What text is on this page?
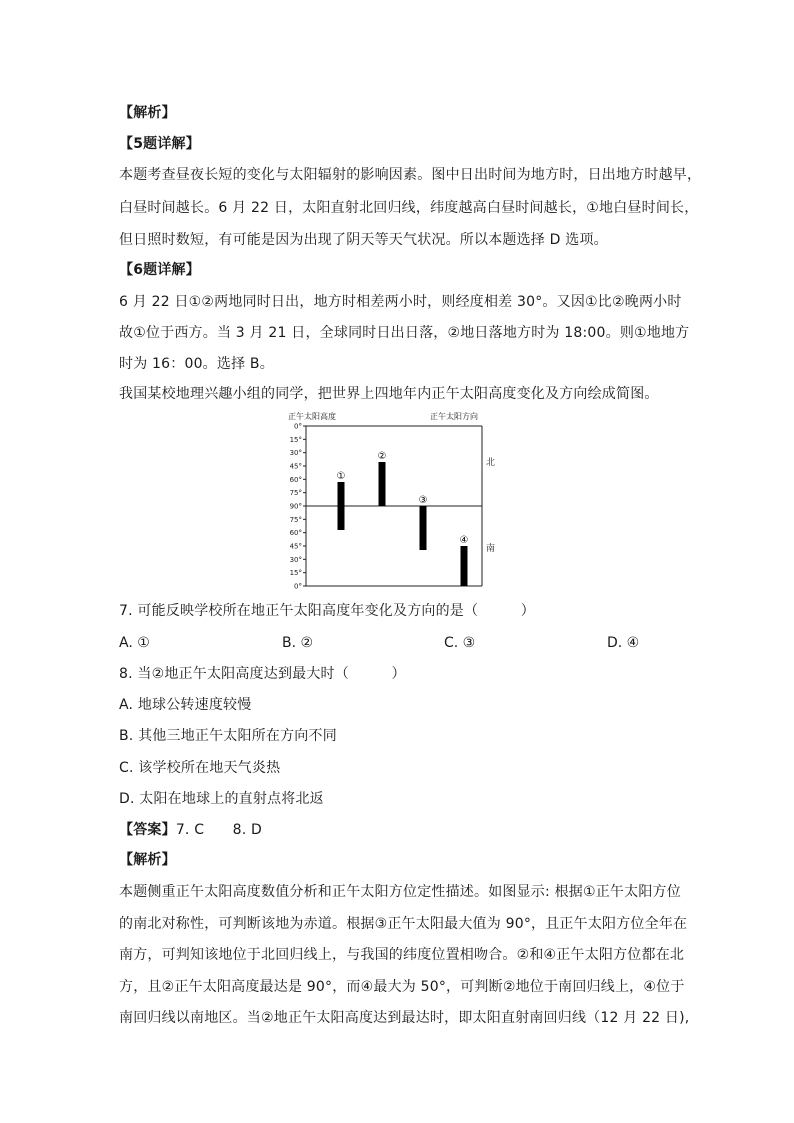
【解析】
【5题详解】
本题考查昼夜长短的变化与太阳辐射的影响因素。图中日出时间为地方时，日出地方时越早，
白昼时间越长。6 月 22 日，太阳直射北回归线，纬度越高白昼时间越长，①地白昼时间长，
但日照时数短，有可能是因为出现了阴天等天气状况。所以本题选择 D 选项。
【6题详解】
6 月 22 日①②两地同时日出，地方时相差两小时，则经度相差 30°。又因①比②晚两小时
故①位于西方。当 3 月 21 日，全球同时日出日落，②地日落地方时为 18:00。则①地地方
时为 16：00。选择 B。
我国某校地理兴趣小组的同学，把世界上四地年内正午太阳高度变化及方向绘成简图。
正午太阳高度	正午太阳方向
0°
15°
30°
45°
60°
75°
90°
75°
60°
45°
30°
15°
0°
①
②
③
④
北
南
7. 可能反映学校所在地正午太阳高度年变化及方向的是（　　　）
A. ①	B. ②	C. ③	D. ④
8. 当②地正午太阳高度达到最大时（　　　）
A. 地球公转速度较慢
B. 其他三地正午太阳所在方向不同
C. 该学校所在地天气炎热
D. 太阳在地球上的直射点将北返
【答案】7. C　　8. D
【解析】
本题侧重正午太阳高度数值分析和正午太阳方位定性描述。如图显示: 根据①正午太阳方位
的南北对称性，可判断该地为赤道。根据③正午太阳最大值为 90°，且正午太阳方位全年在
南方，可判知该地位于北回归线上，与我国的纬度位置相吻合。②和④正午太阳方位都在北
方，且②正午太阳高度最达是 90°，而④最大为 50°，可判断②地位于南回归线上，④位于
南回归线以南地区。当②地正午太阳高度达到最达时，即太阳直射南回归线（12 月 22 日),
